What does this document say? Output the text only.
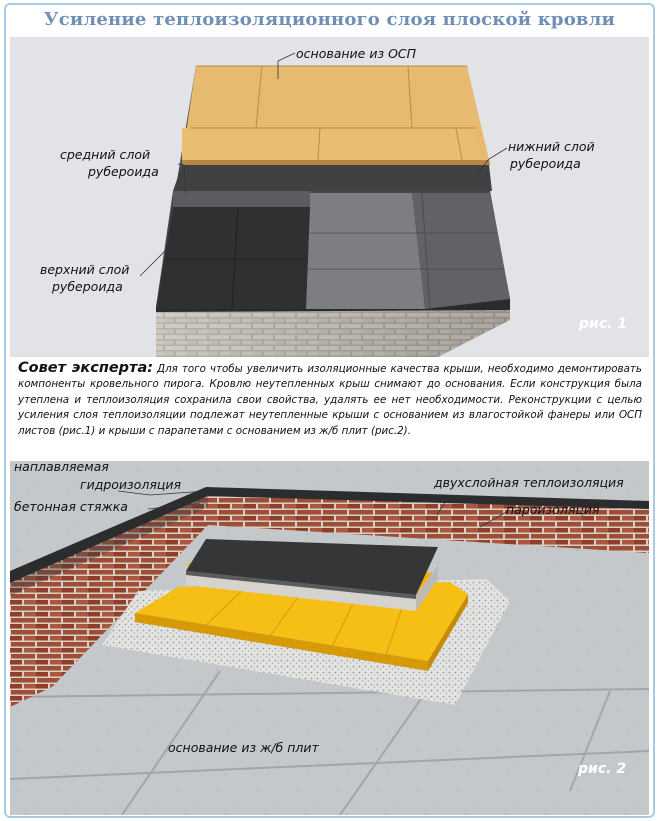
Усиление теплоизоляционного слоя плоской кровли
основание из ОСП
средний слой
рубероида
нижний слой
рубероида
верхний слой
рубероида
рис. 1
Совет эксперта: Для того чтобы увеличить изоляционные качества крыши, необходимо демонтировать компоненты кровельного пирога. Кровлю неутепленных крыш снимают до основания. Если конструкция была утеплена и теплоизоляция сохранила свои свойства, удалять ее нет необходимости. Реконструкции с целью усиления слоя теплоизоляции подлежат неутепленные крыши с основанием из влагостойкой фанеры или ОСП листов (рис.1) и крыши с парапетами с основанием из ж/б плит (рис.2).
наплавляемая
гидроизоляция
бетонная стяжка
двухслойная теплоизоляция
пароизоляция
основание из ж/б плит
рис. 2
